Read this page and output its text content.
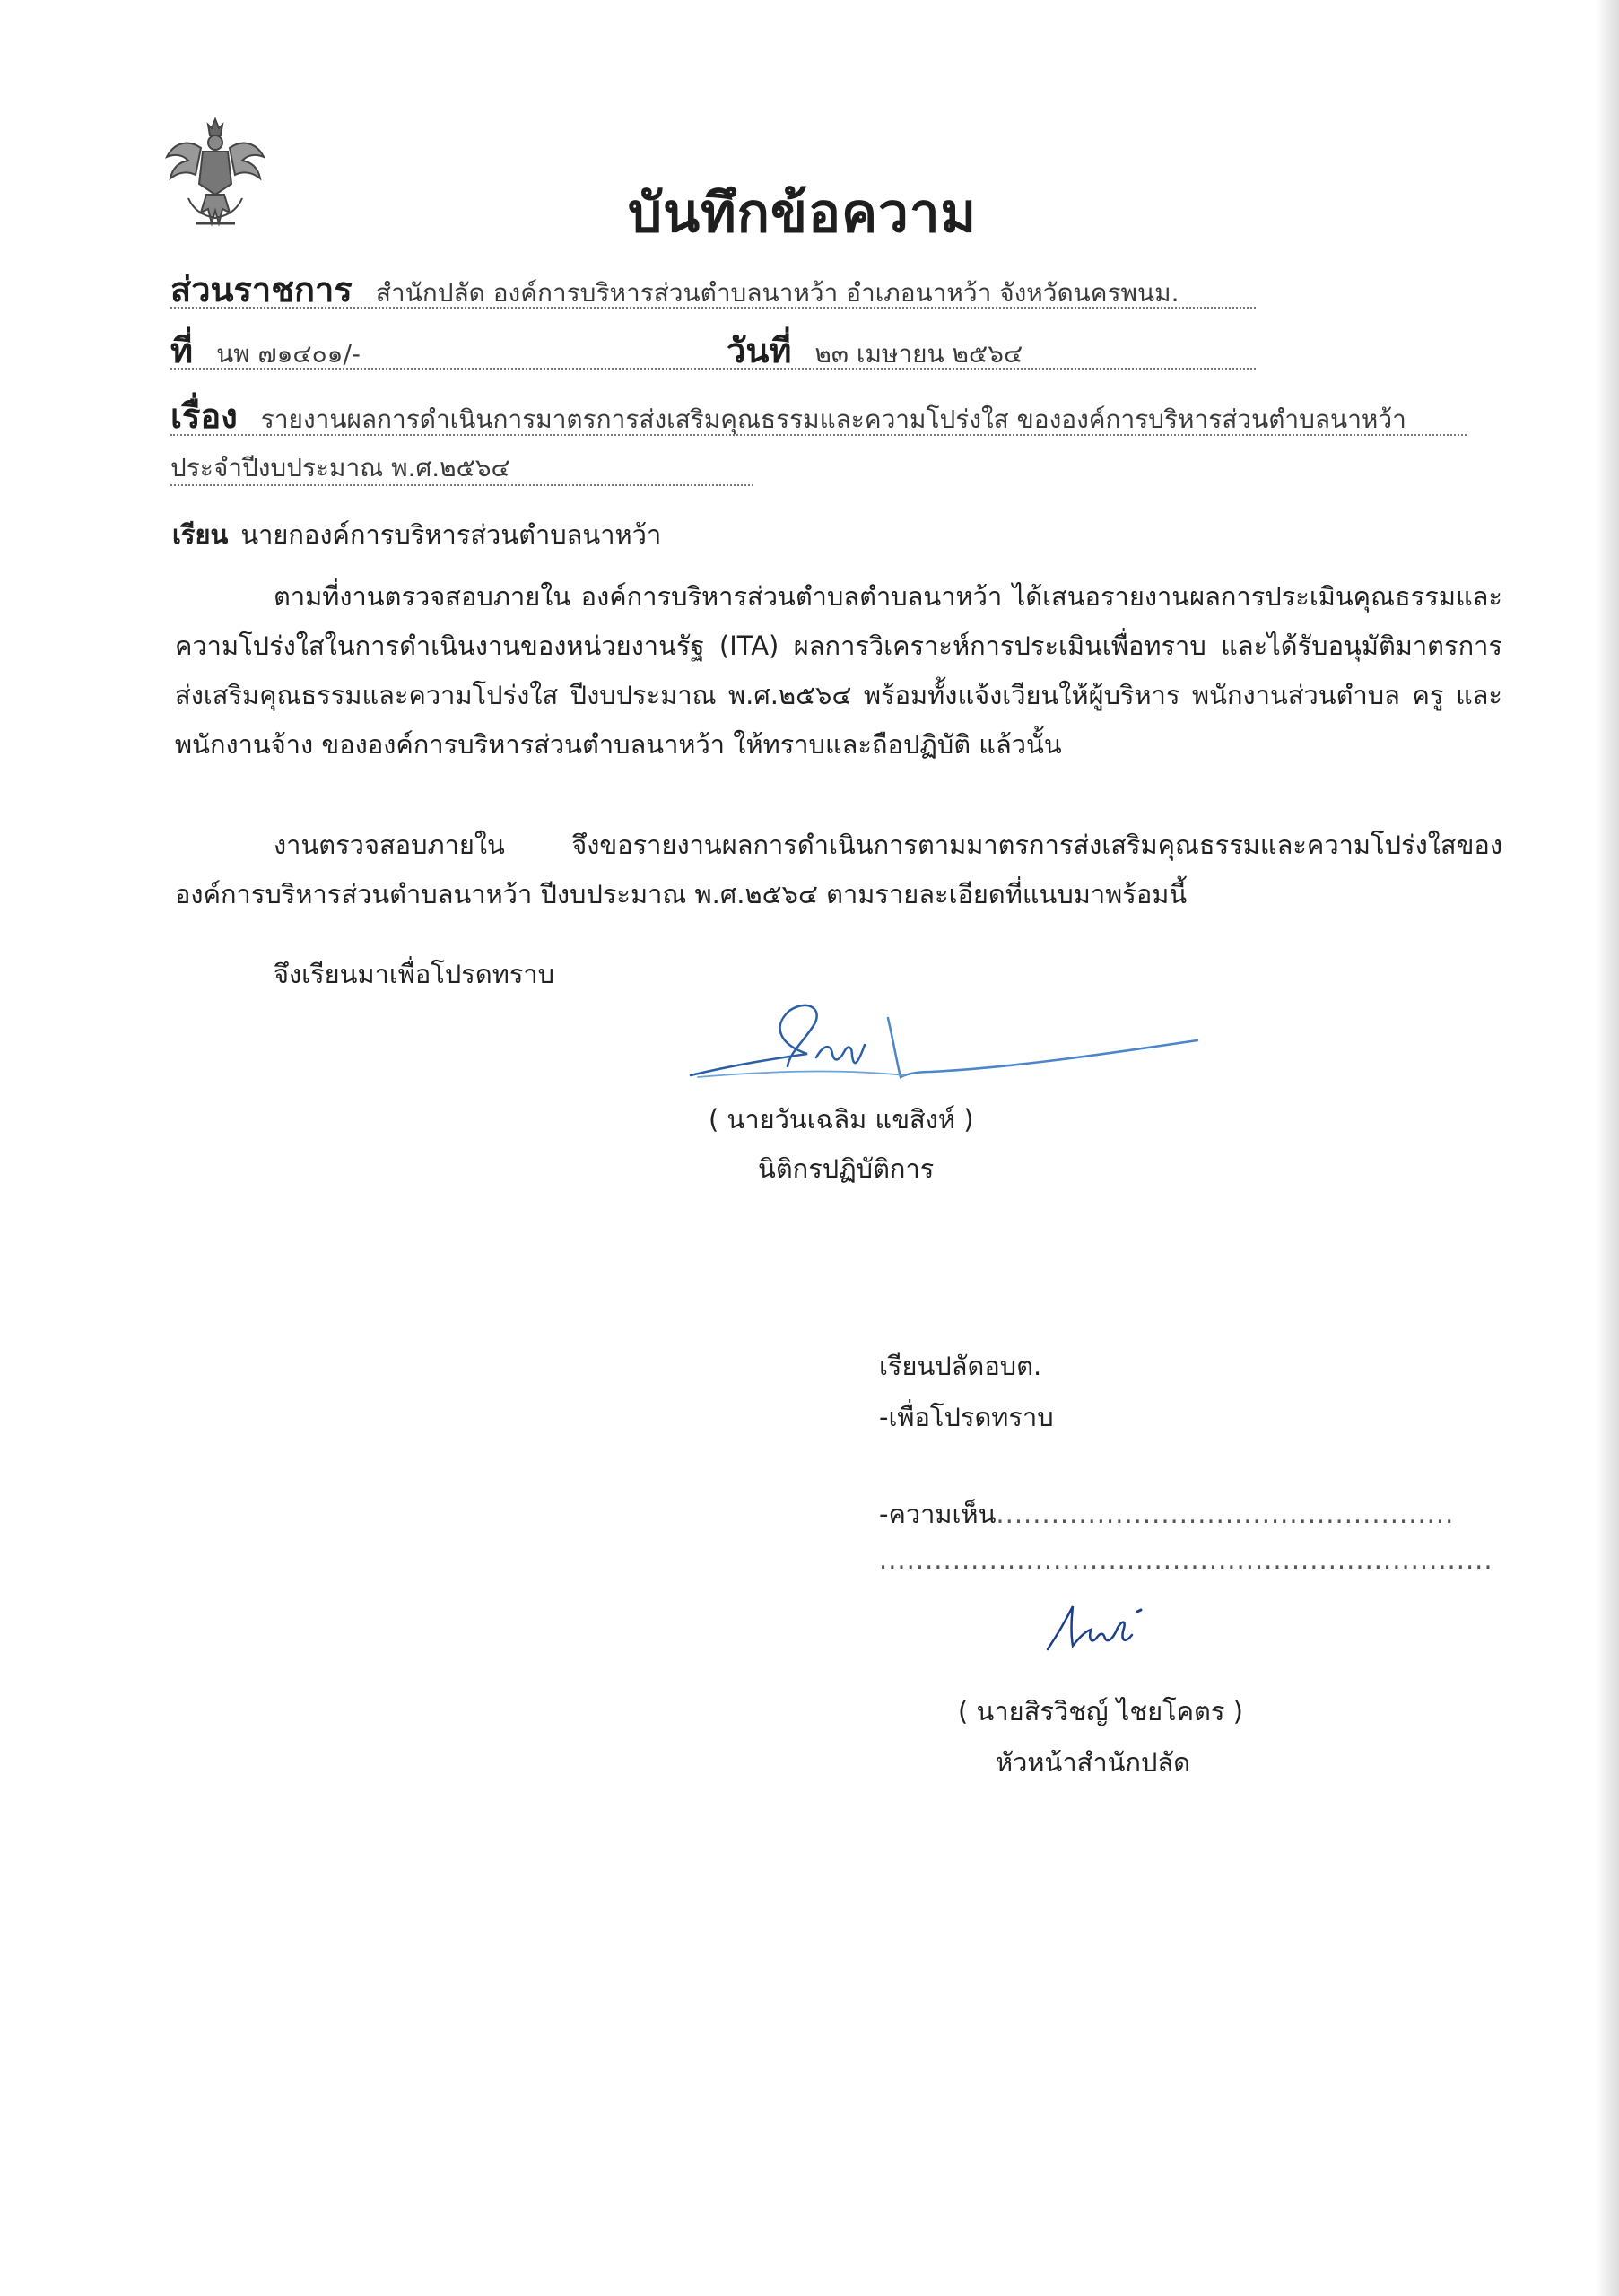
บันทึกข้อความ
ส่วนราชการ สำนักปลัด องค์การบริหารส่วนตำบลนาหว้า อำเภอนาหว้า จังหวัดนครพนม.
ที่ นพ ๗๑๔๐๑/-	วันที่ ๒๓ เมษายน ๒๕๖๔
เรื่อง รายงานผลการดำเนินการมาตรการส่งเสริมคุณธรรมและความโปร่งใส ขององค์การบริหารส่วนตำบลนาหว้า
ประจำปีงบประมาณ พ.ศ.๒๕๖๔
เรียน นายกองค์การบริหารส่วนตำบลนาหว้า

ตามที่งานตรวจสอบภายใน องค์การบริหารส่วนตำบลตำบลนาหว้า ได้เสนอรายงานผลการประเมินคุณธรรมและความโปร่งใสในการดำเนินงานของหน่วยงานรัฐ (ITA) ผลการวิเคราะห์การประเมินเพื่อทราบ และได้รับอนุมัติมาตรการส่งเสริมคุณธรรมและความโปร่งใส ปีงบประมาณ พ.ศ.๒๕๖๔ พร้อมทั้งแจ้งเวียนให้ผู้บริหาร พนักงานส่วนตำบล ครู และพนักงานจ้าง ขององค์การบริหารส่วนตำบลนาหว้า ให้ทราบและถือปฏิบัติ แล้วนั้น

งานตรวจสอบภายใน จึงขอรายงานผลการดำเนินการตามมาตรการส่งเสริมคุณธรรมและความโปร่งใสขององค์การบริหารส่วนตำบลนาหว้า ปีงบประมาณ พ.ศ.๒๕๖๔ ตามรายละเอียดที่แนบมาพร้อมนี้

จึงเรียนมาเพื่อโปรดทราบ
( นายวันเฉลิม แขสิงห์ )
นิติกรปฏิบัติการ
เรียนปลัดอบต.
-เพื่อโปรดทราบ
-ความเห็น..................................................
...................................................................
( นายสิรวิชญ์ ไชยโคตร )
หัวหน้าสำนักปลัด
